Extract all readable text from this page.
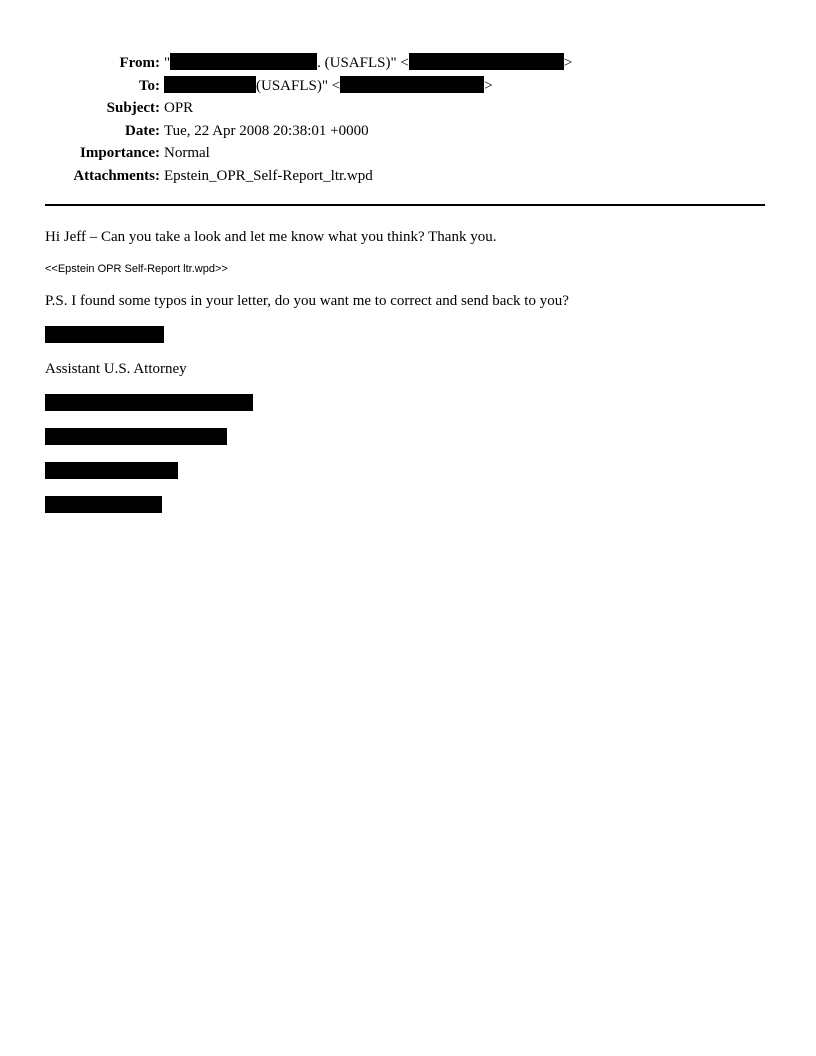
From: "	. (USAFLS)" <	>
To:	(USAFLS)" <	>
Subject: OPR
Date: Tue, 22 Apr 2008 20:38:01 +0000
Importance: Normal
Attachments: Epstein_OPR_Self-Report_ltr.wpd
Hi Jeff – Can you take a look and let me know what you think? Thank you.
<<Epstein OPR Self-Report ltr.wpd>>
P.S. I found some typos in your letter, do you want me to correct and send back to you?
Assistant U.S. Attorney
